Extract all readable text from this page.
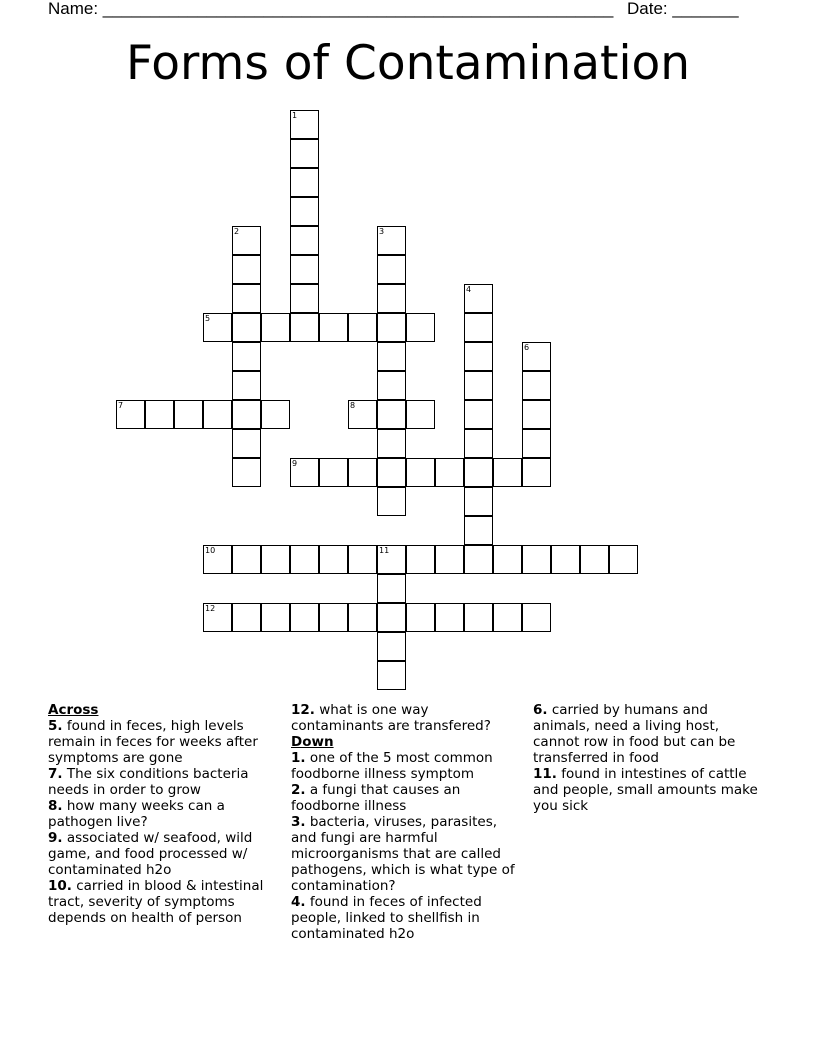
Name: ______________________________________________________ Date: _______
Forms of Contamination
5
7	8
9
10	11
12
1
2	3
4
6
Across

5. found in feces, high levels remain in feces for weeks after symptoms are gone

7. The six conditions bacteria needs in order to grow

8. how many weeks can a pathogen live?

9. associated w/ seafood, wild game, and food processed w/ contaminated h2o

10. carried in blood & intestinal tract, severity of symptoms depends on health of person

12. what is one way contaminants are transfered?

Down

1. one of the 5 most common foodborne illness symptom

2. a fungi that causes an foodborne illness

3. bacteria, viruses, parasites, and fungi are harmful microorganisms that are called pathogens, which is what type of contamination?

4. found in feces of infected people, linked to shellfish in contaminated h2o

6. carried by humans and animals, need a living host, cannot row in food but can be transferred in food

11. found in intestines of cattle and people, small amounts make you sick
